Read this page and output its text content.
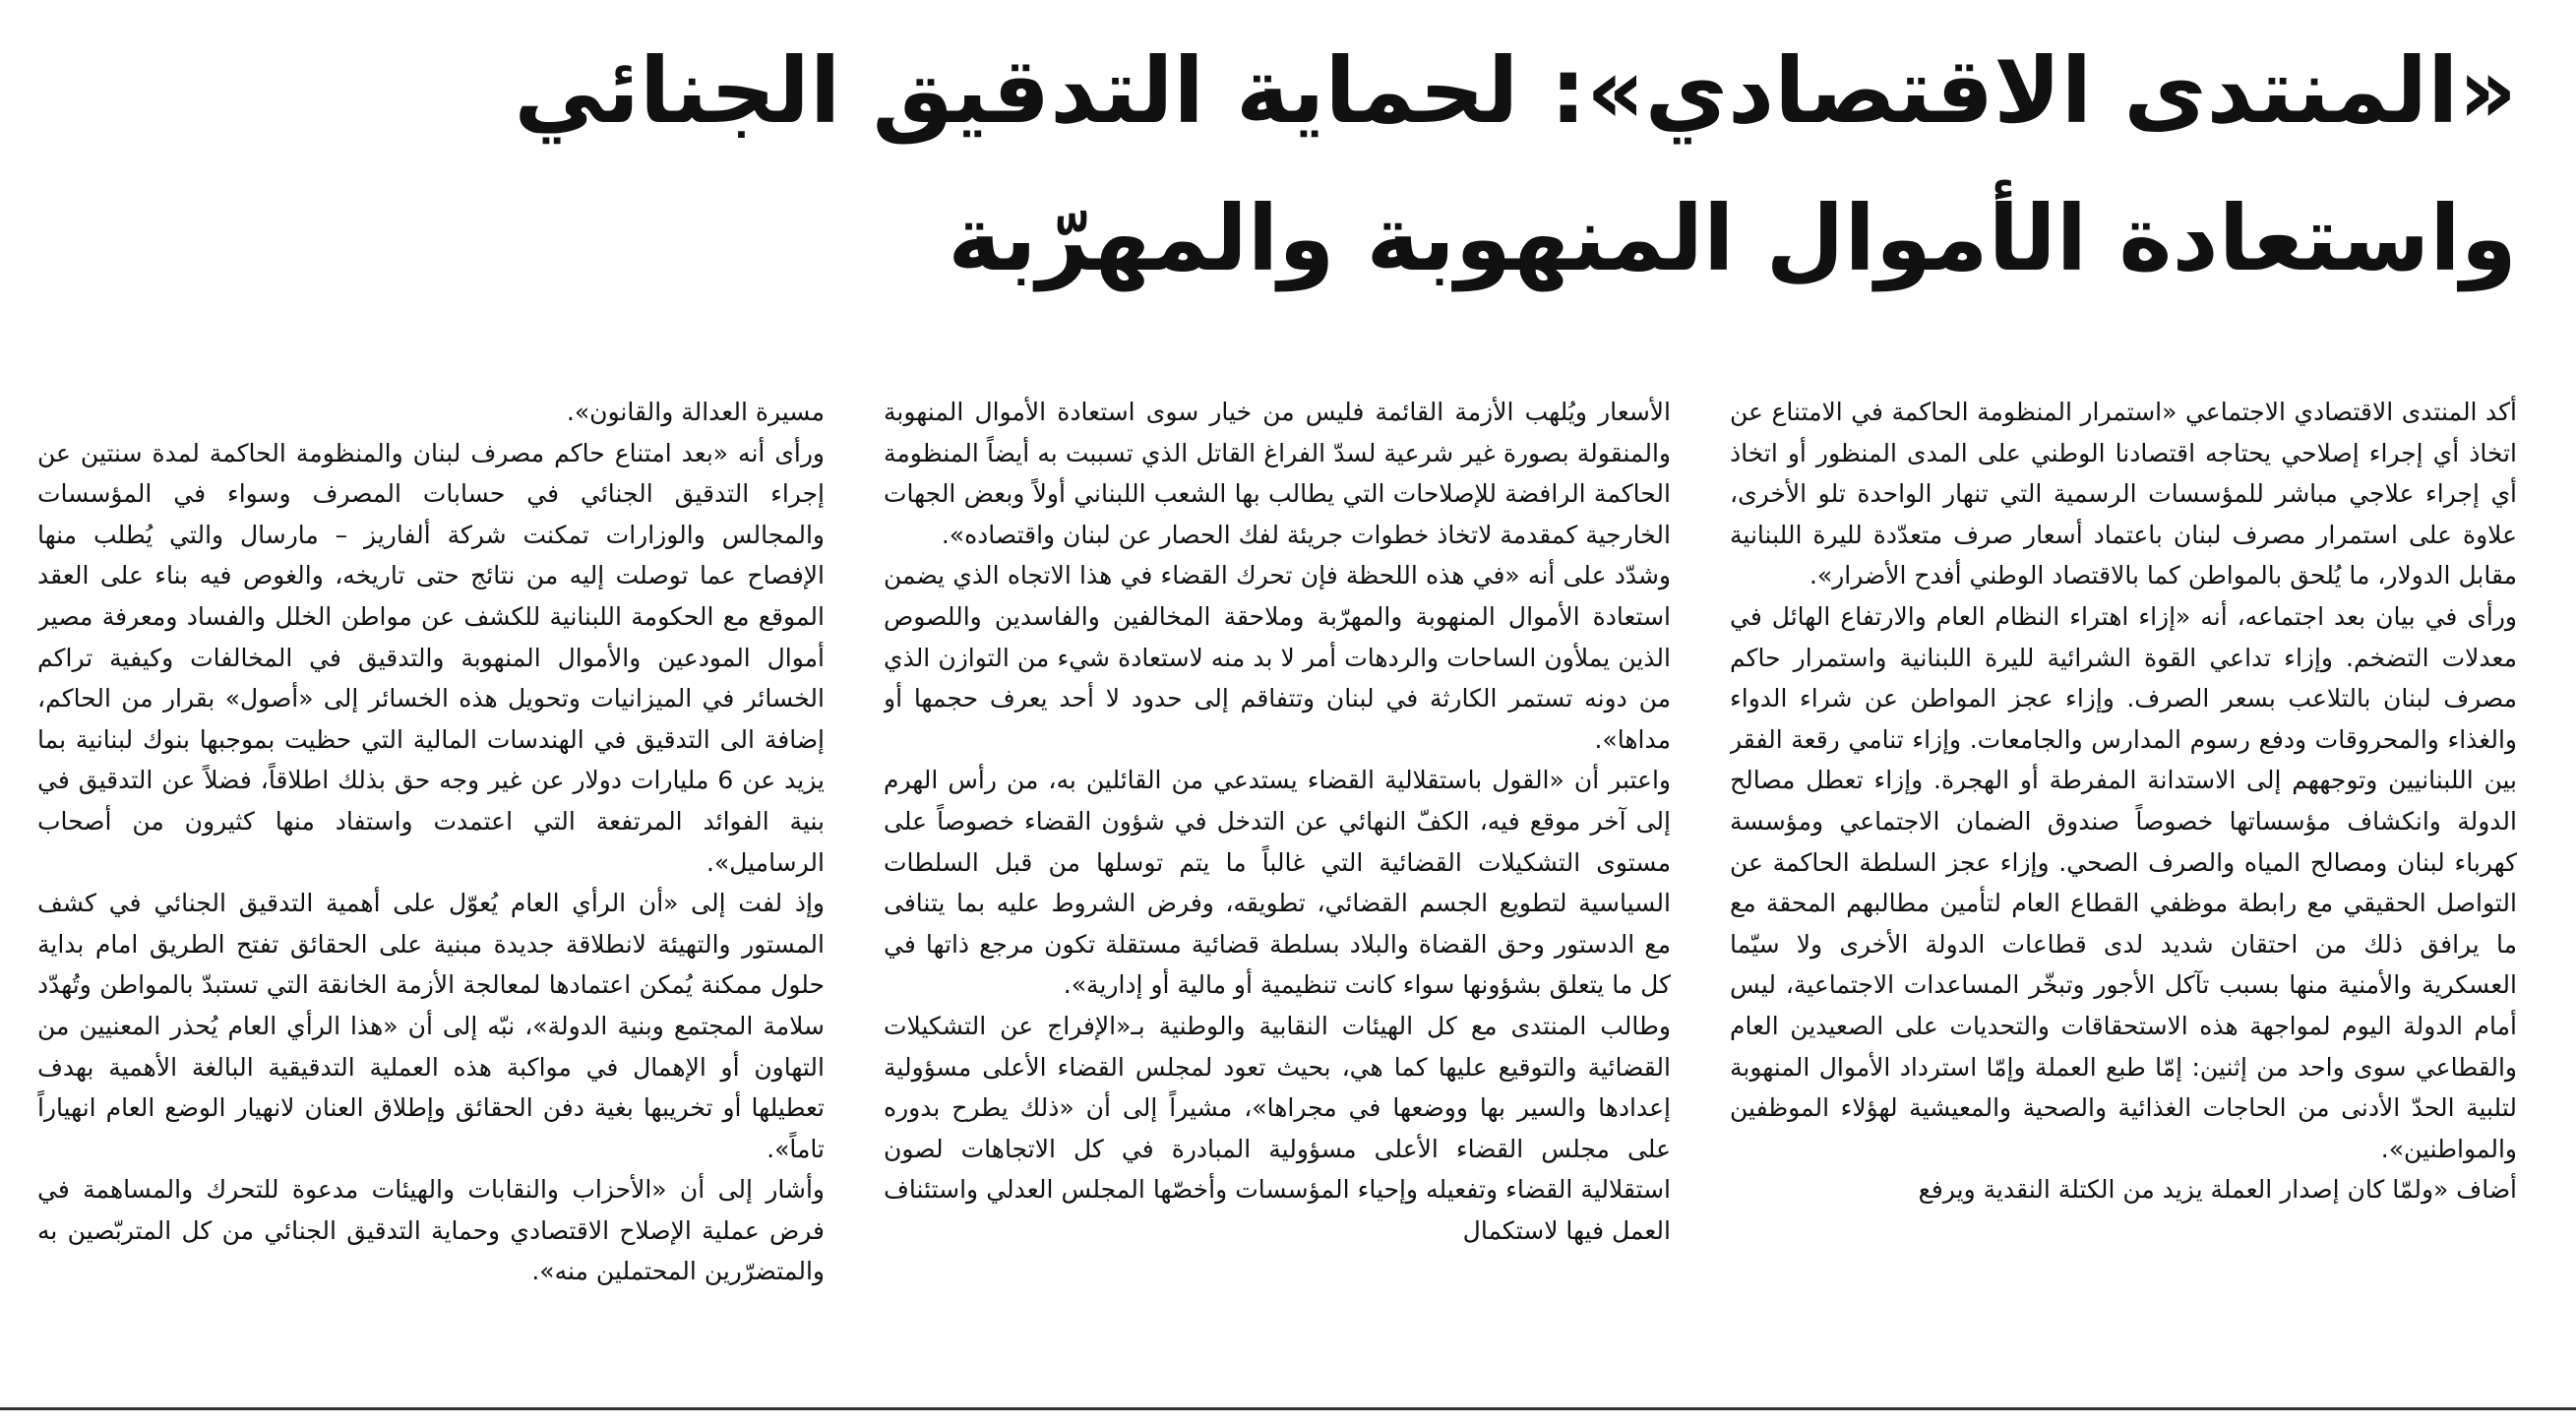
«المنتدى الاقتصادي»: لحماية التدقيق الجنائي
واستعادة الأموال المنهوبة والمهرّبة

أكد المنتدى الاقتصادي الاجتماعي «استمرار المنظومة الحاكمة في الامتناع عن اتخاذ أي إجراء إصلاحي يحتاجه اقتصادنا الوطني على المدى المنظور أو اتخاذ أي إجراء علاجي مباشر للمؤسسات الرسمية التي تنهار الواحدة تلو الأخرى، علاوة على استمرار مصرف لبنان باعتماد أسعار صرف متعدّدة لليرة اللبنانية مقابل الدولار، ما يُلحق بالمواطن كما بالاقتصاد الوطني أفدح الأضرار».

ورأى في بيان بعد اجتماعه، أنه «إزاء اهتراء النظام العام والارتفاع الهائل في معدلات التضخم. وإزاء تداعي القوة الشرائية لليرة اللبنانية واستمرار حاكم مصرف لبنان بالتلاعب بسعر الصرف. وإزاء عجز المواطن عن شراء الدواء والغذاء والمحروقات ودفع رسوم المدارس والجامعات. وإزاء تنامي رقعة الفقر بين اللبنانيين وتوجههم إلى الاستدانة المفرطة أو الهجرة. وإزاء تعطل مصالح الدولة وانكشاف مؤسساتها خصوصاً صندوق الضمان الاجتماعي ومؤسسة كهرباء لبنان ومصالح المياه والصرف الصحي. وإزاء عجز السلطة الحاكمة عن التواصل الحقيقي مع رابطة موظفي القطاع العام لتأمين مطالبهم المحقة مع ما يرافق ذلك من احتقان شديد لدى قطاعات الدولة الأخرى ولا سيّما العسكرية والأمنية منها بسبب تآكل الأجور وتبخّر المساعدات الاجتماعية، ليس أمام الدولة اليوم لمواجهة هذه الاستحقاقات والتحديات على الصعيدين العام والقطاعي سوى واحد من إثنين: إمّا طبع العملة وإمّا استرداد الأموال المنهوبة لتلبية الحدّ الأدنى من الحاجات الغذائية والصحية والمعيشية لهؤلاء الموظفين والمواطنين».

أضاف «ولمّا كان إصدار العملة يزيد من الكتلة النقدية ويرفع

الأسعار ويُلهب الأزمة القائمة فليس من خيار سوى استعادة الأموال المنهوبة والمنقولة بصورة غير شرعية لسدّ الفراغ القاتل الذي تسببت به أيضاً المنظومة الحاكمة الرافضة للإصلاحات التي يطالب بها الشعب اللبناني أولاً وبعض الجهات الخارجية كمقدمة لاتخاذ خطوات جريئة لفك الحصار عن لبنان واقتصاده».

وشدّد على أنه «في هذه اللحظة فإن تحرك القضاء في هذا الاتجاه الذي يضمن استعادة الأموال المنهوبة والمهرّبة وملاحقة المخالفين والفاسدين واللصوص الذين يملأون الساحات والردهات أمر لا بد منه لاستعادة شيء من التوازن الذي من دونه تستمر الكارثة في لبنان وتتفاقم إلى حدود لا أحد يعرف حجمها أو مداها».

واعتبر أن «القول باستقلالية القضاء يستدعي من القائلين به، من رأس الهرم إلى آخر موقع فيه، الكفّ النهائي عن التدخل في شؤون القضاء خصوصاً على مستوى التشكيلات القضائية التي غالباً ما يتم توسلها من قبل السلطات السياسية لتطويع الجسم القضائي، تطويقه، وفرض الشروط عليه بما يتنافى مع الدستور وحق القضاة والبلاد بسلطة قضائية مستقلة تكون مرجع ذاتها في كل ما يتعلق بشؤونها سواء كانت تنظيمية أو مالية أو إدارية».

وطالب المنتدى مع كل الهيئات النقابية والوطنية بـ«الإفراج عن التشكيلات القضائية والتوقيع عليها كما هي، بحيث تعود لمجلس القضاء الأعلى مسؤولية إعدادها والسير بها ووضعها في مجراها»، مشيراً إلى أن «ذلك يطرح بدوره على مجلس القضاء الأعلى مسؤولية المبادرة في كل الاتجاهات لصون استقلالية القضاء وتفعيله وإحياء المؤسسات وأخصّها المجلس العدلي واستئناف العمل فيها لاستكمال

مسيرة العدالة والقانون».

ورأى أنه «بعد امتناع حاكم مصرف لبنان والمنظومة الحاكمة لمدة سنتين عن إجراء التدقيق الجنائي في حسابات المصرف وسواء في المؤسسات والمجالس والوزارات تمكنت شركة ألفاريز – مارسال والتي يُطلب منها الإفصاح عما توصلت إليه من نتائج حتى تاريخه، والغوص فيه بناء على العقد الموقع مع الحكومة اللبنانية للكشف عن مواطن الخلل والفساد ومعرفة مصير أموال المودعين والأموال المنهوبة والتدقيق في المخالفات وكيفية تراكم الخسائر في الميزانيات وتحويل هذه الخسائر إلى «أصول» بقرار من الحاكم، إضافة الى التدقيق في الهندسات المالية التي حظيت بموجبها بنوك لبنانية بما يزيد عن 6 مليارات دولار عن غير وجه حق بذلك اطلاقاً، فضلاً عن التدقيق في بنية الفوائد المرتفعة التي اعتمدت واستفاد منها كثيرون من أصحاب الرساميل».

وإذ لفت إلى «أن الرأي العام يُعوّل على أهمية التدقيق الجنائي في كشف المستور والتهيئة لانطلاقة جديدة مبنية على الحقائق تفتح الطريق امام بداية حلول ممكنة يُمكن اعتمادها لمعالجة الأزمة الخانقة التي تستبدّ بالمواطن وتُهدّد سلامة المجتمع وبنية الدولة»، نبّه إلى أن «هذا الرأي العام يُحذر المعنيين من التهاون أو الإهمال في مواكبة هذه العملية التدقيقية البالغة الأهمية بهدف تعطيلها أو تخريبها بغية دفن الحقائق وإطلاق العنان لانهيار الوضع العام انهياراً تاماً».

وأشار إلى أن «الأحزاب والنقابات والهيئات مدعوة للتحرك والمساهمة في فرض عملية الإصلاح الاقتصادي وحماية التدقيق الجنائي من كل المتربّصين به والمتضرّرين المحتملين منه».
